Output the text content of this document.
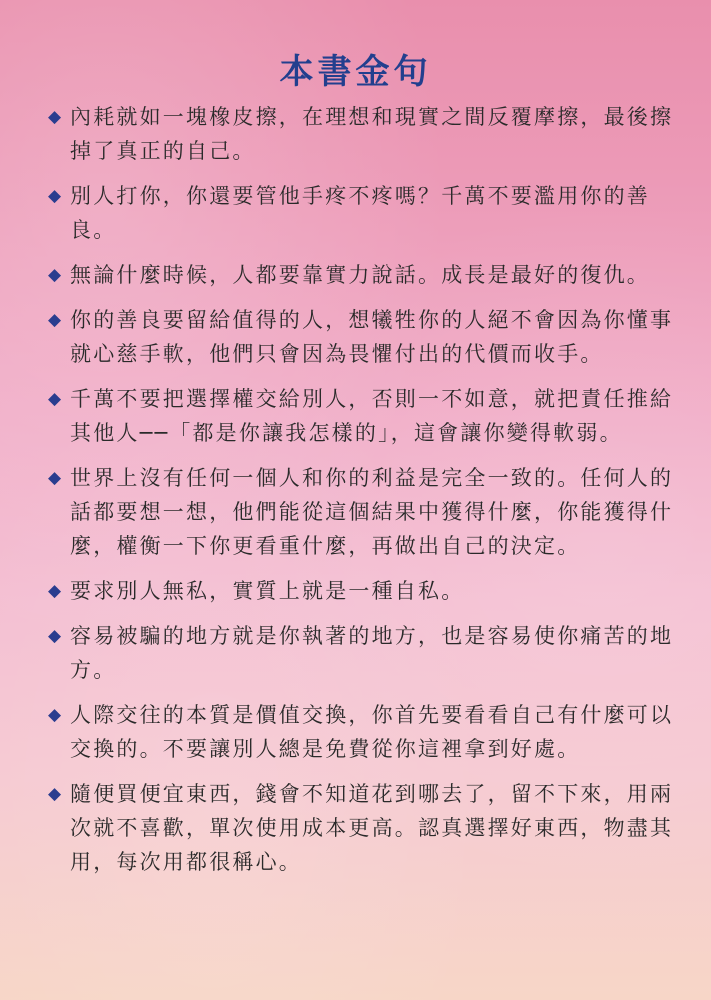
本書金句
◆ 內耗就如一塊橡皮擦，在理想和現實之間反覆摩擦，最後擦掉了真正的自己。
◆ 別人打你，你還要管他手疼不疼嗎？千萬不要濫用你的善良。
◆ 無論什麼時候，人都要靠實力說話。成長是最好的復仇。
◆ 你的善良要留給值得的人，想犧牲你的人絕不會因為你懂事就心慈手軟，他們只會因為畏懼付出的代價而收手。
◆ 千萬不要把選擇權交給別人，否則一不如意，就把責任推給其他人──「都是你讓我怎樣的」，這會讓你變得軟弱。
◆ 世界上沒有任何一個人和你的利益是完全一致的。任何人的話都要想一想，他們能從這個結果中獲得什麼，你能獲得什麼，權衡一下你更看重什麼，再做出自己的決定。
◆ 要求別人無私，實質上就是一種自私。
◆ 容易被騙的地方就是你執著的地方，也是容易使你痛苦的地方。
◆ 人際交往的本質是價值交換，你首先要看看自己有什麼可以交換的。不要讓別人總是免費從你這裡拿到好處。
◆ 隨便買便宜東西，錢會不知道花到哪去了，留不下來，用兩次就不喜歡，單次使用成本更高。認真選擇好東西，物盡其用，每次用都很稱心。
